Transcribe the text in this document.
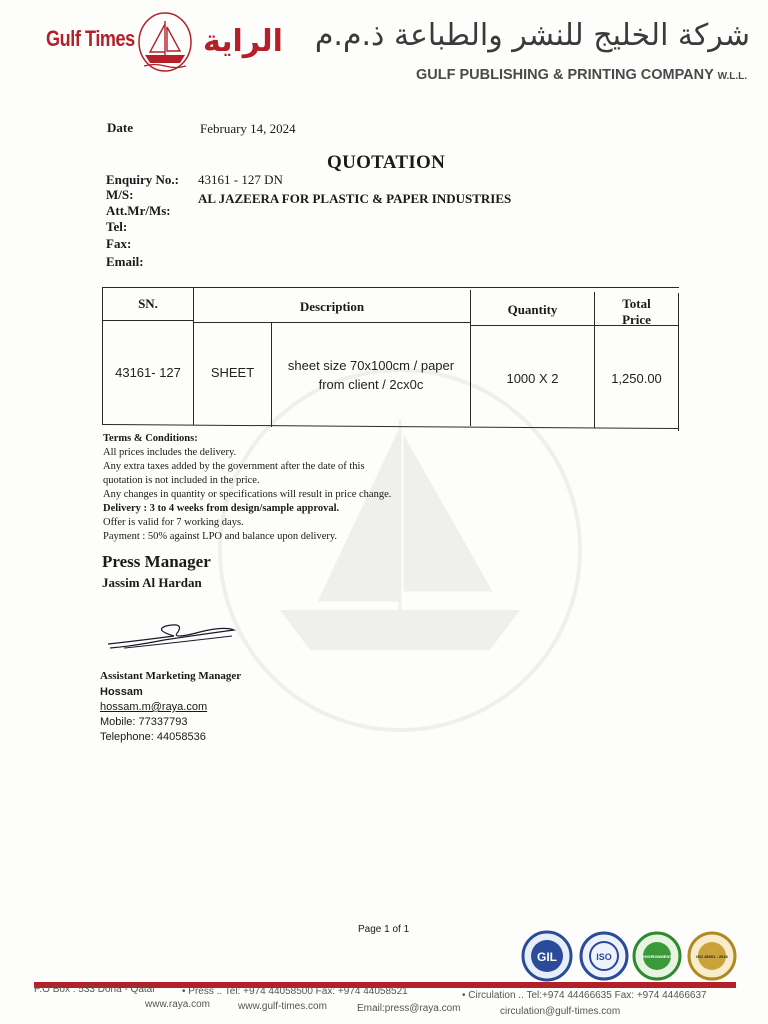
Gulf Times الراية شركة الخليج للنشر والطباعة ذ.م.م
GULF PUBLISHING & PRINTING COMPANY W.L.L.
Date	February 14, 2024
QUOTATION
Enquiry No.: 43161 - 127 DN
M/S:	AL JAZEERA FOR PLASTIC & PAPER INDUSTRIES
Att.Mr/Ms:
Tel:
Fax:
Email:
SN.	Description	Quantity	Total
Price
43161- 127	SHEET	sheet size 70x100cm / paper
from client / 2cx0c	1000 X 2	1,250.00
Terms & Conditions:
All prices includes the delivery.
Any extra taxes added by the government after the date of this
quotation is not included in the price.
Any changes in quantity or specifications will result in price change.
Delivery : 3 to 4 weeks from design/sample approval.
Offer is valid for 7 working days.
Payment : 50% against LPO and balance upon delivery.
Press Manager
Jassim Al Hardan
Assistant Marketing Manager
Hossam
hossam.m@raya.com
Mobile: 77337793
Telephone: 44058536
Page 1 of 1
GIL	ISO	ENVIRONMENT	ISO 45001 : 2018
P.O Box : 533 Doha - Qatar	• Press .. Tel: +974 44058500 Fax: +974 44058521	• Circulation .. Tel:+974 44466635 Fax: +974 44466637
www.raya.com	www.gulf-times.com	Email:press@raya.com	circulation@gulf-times.com
